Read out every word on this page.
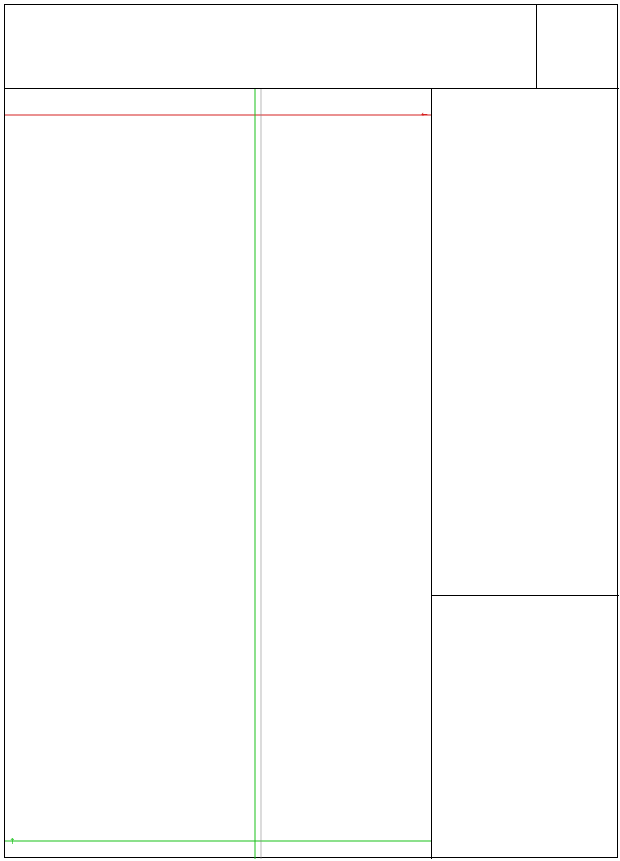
←
↑
